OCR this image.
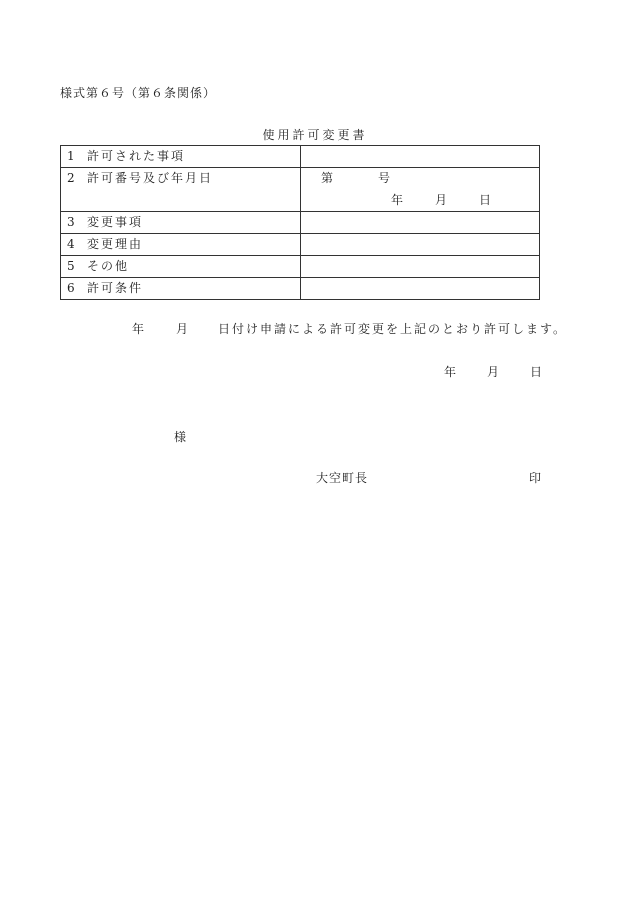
様式第６号（第６条関係）
使用許可変更書
1 許可された事項	
2 許可番号及び年月日	第 号
年 月 日

3 変更事項	
4 変更理由	
5 その他	
6 許可条件	
年	月 日付け申請による許可変更を上記のとおり許可します。
年	月	日
様
大空町長	印
